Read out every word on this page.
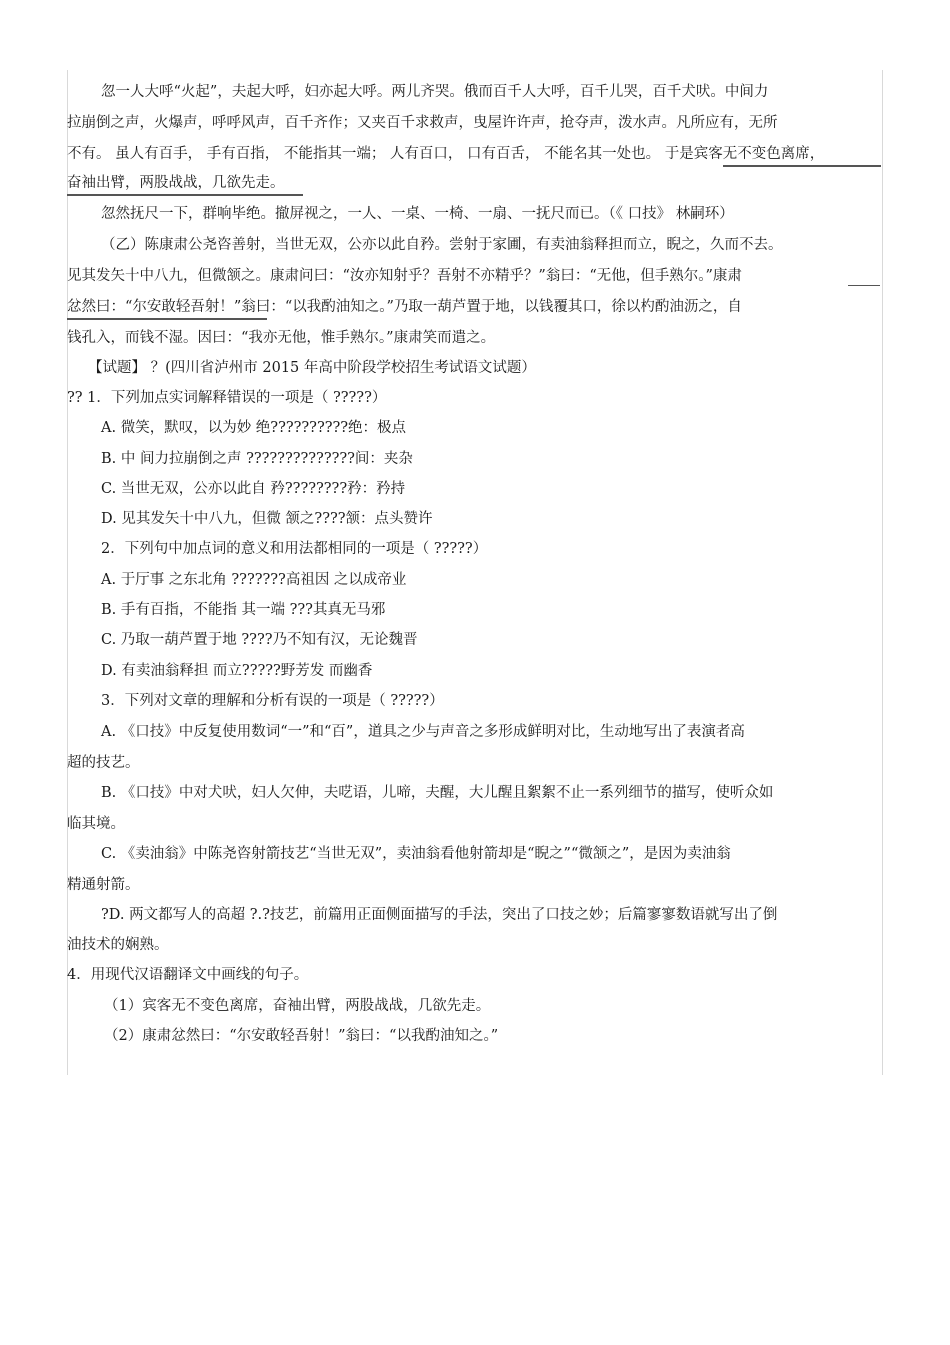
忽一人大呼“火起”，夫起大呼，妇亦起大呼。两儿齐哭。俄而百千人大呼，百千儿哭，百千犬吠。中间力
拉崩倒之声，火爆声，呼呼风声，百千齐作；又夹百千求救声，曳屋许许声，抢夺声，泼水声。凡所应有，无所
不有。 虽人有百手， 手有百指， 不能指其一端； 人有百口， 口有百舌， 不能名其一处也。 于是宾客无不变色离席，
奋袖出臂，两股战战，几欲先走。
忽然抚尺一下，群响毕绝。撤屏视之，一人、一桌、一椅、一扇、一抚尺而已。（《 口技》 林嗣环）
（乙）陈康肃公尧咨善射，当世无双，公亦以此自矜。尝射于家圃，有卖油翁释担而立，睨之，久而不去。
见其发矢十中八九，但微颔之。康肃问曰：“汝亦知射乎？吾射不亦精乎？”翁曰：“无他，但手熟尔。”康肃
忿然曰：“尔安敢轻吾射！”翁曰：“以我酌油知之。”乃取一葫芦置于地，以钱覆其口，徐以杓酌油沥之，自
钱孔入，而钱不湿。因曰：“我亦无他，惟手熟尔。”康肃笑而遣之。
【试题】 ？(四川省泸州市 2015 年高中阶段学校招生考试语文试题）
?? 1．下列加点实词解释错误的一项是（ ?????）
A. 微笑，默叹，以为妙 绝??????????绝：极点
B. 中 间力拉崩倒之声 ??????????????间：夹杂
C. 当世无双，公亦以此自 矜????????矜：矜持
D. 见其发矢十中八九，但微 颔之????颔：点头赞许
2．下列句中加点词的意义和用法都相同的一项是（ ?????）
A. 于厅事 之东北角 ???????高祖因 之以成帝业
B. 手有百指，不能指 其一端 ???其真无马邪
C. 乃取一葫芦置于地 ????乃不知有汉，无论魏晋
D. 有卖油翁释担 而立?????野芳发 而幽香
3．下列对文章的理解和分析有误的一项是（ ?????）
A. 《口技》中反复使用数词“一”和“百”，道具之少与声音之多形成鲜明对比，生动地写出了表演者高
超的技艺。
B. 《口技》中对犬吠，妇人欠伸，夫呓语，儿啼，夫醒，大儿醒且絮絮不止一系列细节的描写，使听众如
临其境。
C. 《卖油翁》中陈尧咨射箭技艺“当世无双”，卖油翁看他射箭却是“睨之”“微颔之”，是因为卖油翁
精通射箭。
?D. 两文都写人的高超 ?.?技艺，前篇用正面侧面描写的手法，突出了口技之妙；后篇寥寥数语就写出了倒
油技术的娴熟。
4．用现代汉语翻译文中画线的句子。
（1）宾客无不变色离席，奋袖出臂，两股战战，几欲先走。
（2）康肃忿然曰：“尔安敢轻吾射！”翁曰：“以我酌油知之。”
